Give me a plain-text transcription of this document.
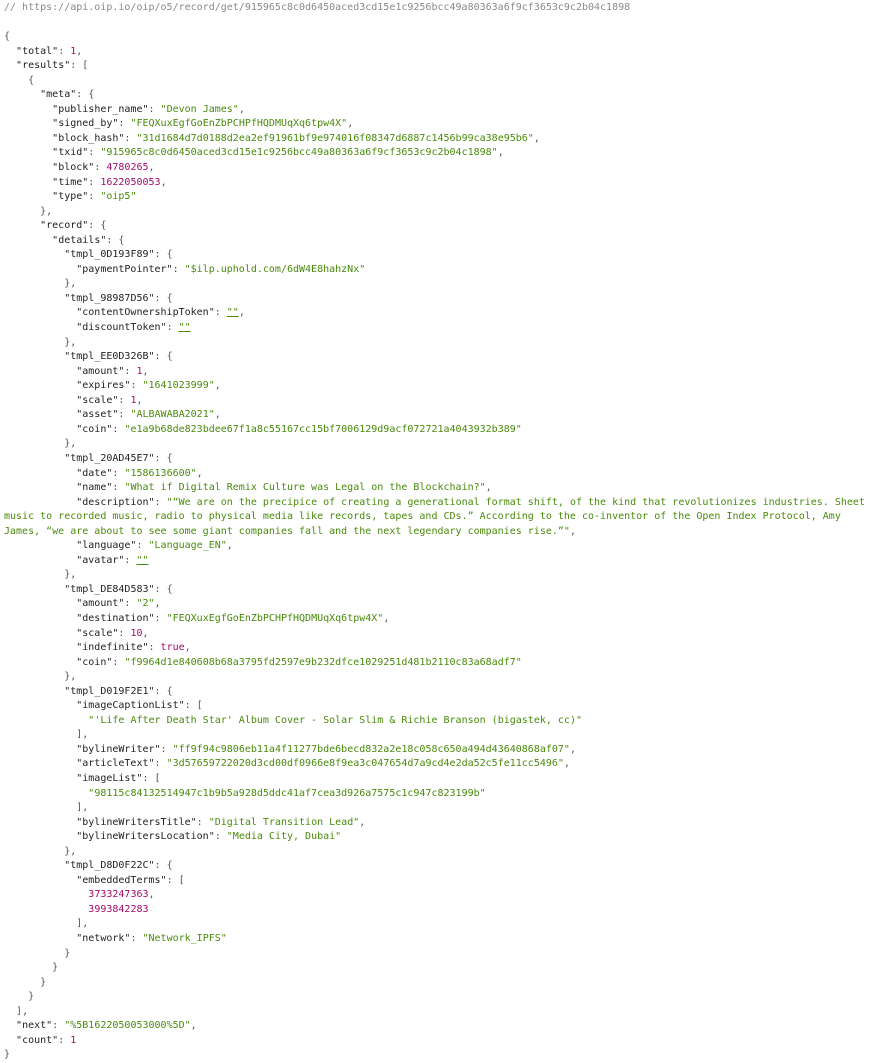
// https://api.oip.io/oip/o5/record/get/915965c8c0d6450aced3cd15e1c9256bcc49a80363a6f9cf3653c9c2b04c1898

{
"total": 1,
"results": [
{
"meta": {
"publisher_name": "Devon James",
"signed_by": "FEQXuxEgfGoEnZbPCHPfHQDMUqXq6tpw4X",
"block_hash": "31d1684d7d0188d2ea2ef91961bf9e974016f08347d6887c1456b99ca38e95b6",
"txid": "915965c8c0d6450aced3cd15e1c9256bcc49a80363a6f9cf3653c9c2b04c1898",
"block": 4780265,
"time": 1622050053,
"type": "oip5"
},
"record": {
"details": {
"tmpl_0D193F89": {
"paymentPointer": "$ilp.uphold.com/6dW4E8hahzNx"
},
"tmpl_98987D56": {
"contentOwnershipToken": "",
"discountToken": ""
},
"tmpl_EE0D326B": {
"amount": 1,
"expires": "1641023999",
"scale": 1,
"asset": "ALBAWABA2021",
"coin": "e1a9b68de823bdee67f1a8c55167cc15bf7006129d9acf072721a4043932b389"
},
"tmpl_20AD45E7": {
"date": "1586136600",
"name": "What if Digital Remix Culture was Legal on the Blockchain?",
"description": "“We are on the precipice of creating a generational format shift, of the kind that revolutionizes industries. Sheet music to recorded music, radio to physical media like records, tapes and CDs.” According to the co-inventor of the Open Index Protocol, Amy James, “we are about to see some giant companies fall and the next legendary companies rise.”",
"language": "Language_EN",
"avatar": ""
},
"tmpl_DE84D583": {
"amount": "2",
"destination": "FEQXuxEgfGoEnZbPCHPfHQDMUqXq6tpw4X",
"scale": 10,
"indefinite": true,
"coin": "f9964d1e840608b68a3795fd2597e9b232dfce1029251d481b2110c83a68adf7"
},
"tmpl_D019F2E1": {
"imageCaptionList": [
"'Life After Death Star' Album Cover - Solar Slim & Richie Branson (bigastek, cc)"
],
"bylineWriter": "ff9f94c9806eb11a4f11277bde6becd832a2e18c058c650a494d43640868af07",
"articleText": "3d57659722020d3cd00df0966e8f9ea3c047654d7a9cd4e2da52c5fe11cc5496",
"imageList": [
"98115c84132514947c1b9b5a928d5ddc41af7cea3d926a7575c1c947c823199b"
],
"bylineWritersTitle": "Digital Transition Lead",
"bylineWritersLocation": "Media City, Dubai"
},
"tmpl_D8D0F22C": {
"embeddedTerms": [
3733247363,
3993842283
],
"network": "Network_IPFS"
}
}
}
}
],
"next": "%5B1622050053000%5D",
"count": 1
}
